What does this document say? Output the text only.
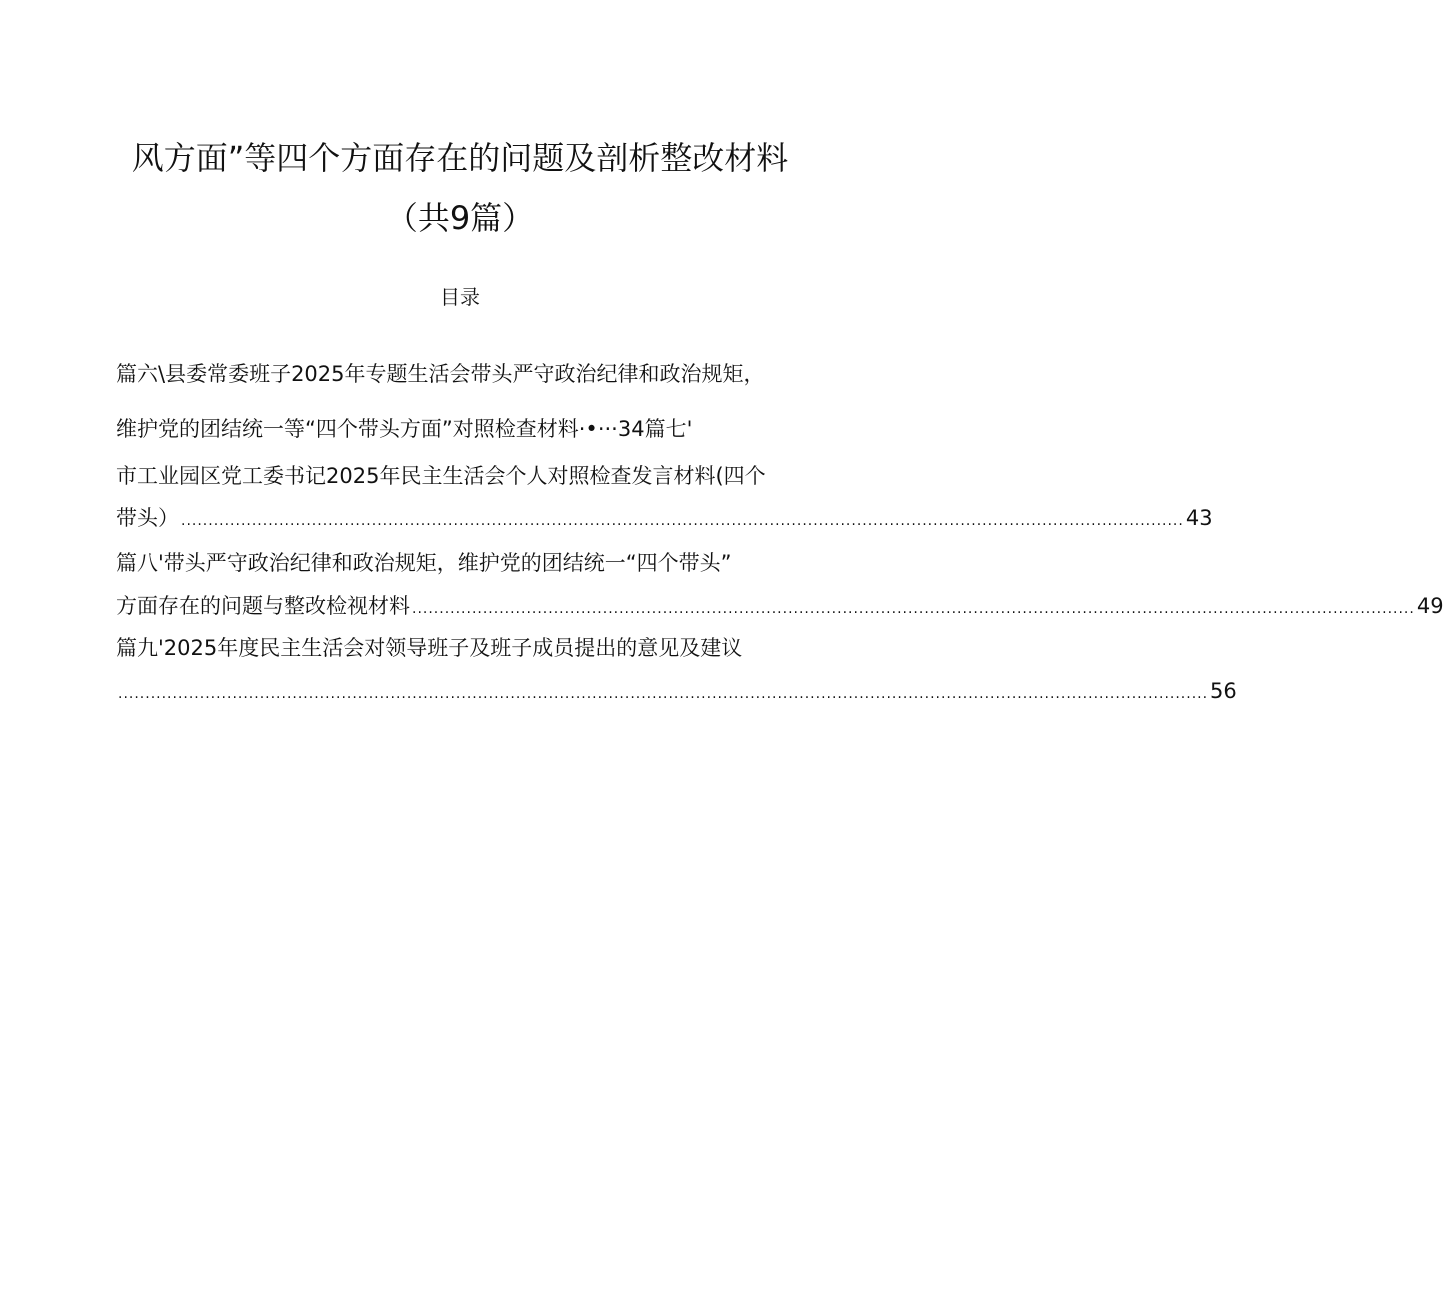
风方面”等四个方面存在的问题及剖析整改材料
（共9篇）
目录
篇六\县委常委班子2025年专题生活会带头严守政治纪律和政治规矩，
维护党的团结统一等“四个带头方面”对照检查材料·•···34篇七'
市工业园区党工委书记2025年民主生活会个人对照检查发言材料(四个
带头） ........................................................................................................................................................................................ 43
篇八'带头严守政治纪律和政治规矩，维护党的团结统一“四个带头”
方面存在的问题与整改检视材料 ........................................................................................................................................................................................ 49
篇九'2025年度民主生活会对领导班子及班子成员提出的意见及建议
........................................................................................................................................................................................................ 56
